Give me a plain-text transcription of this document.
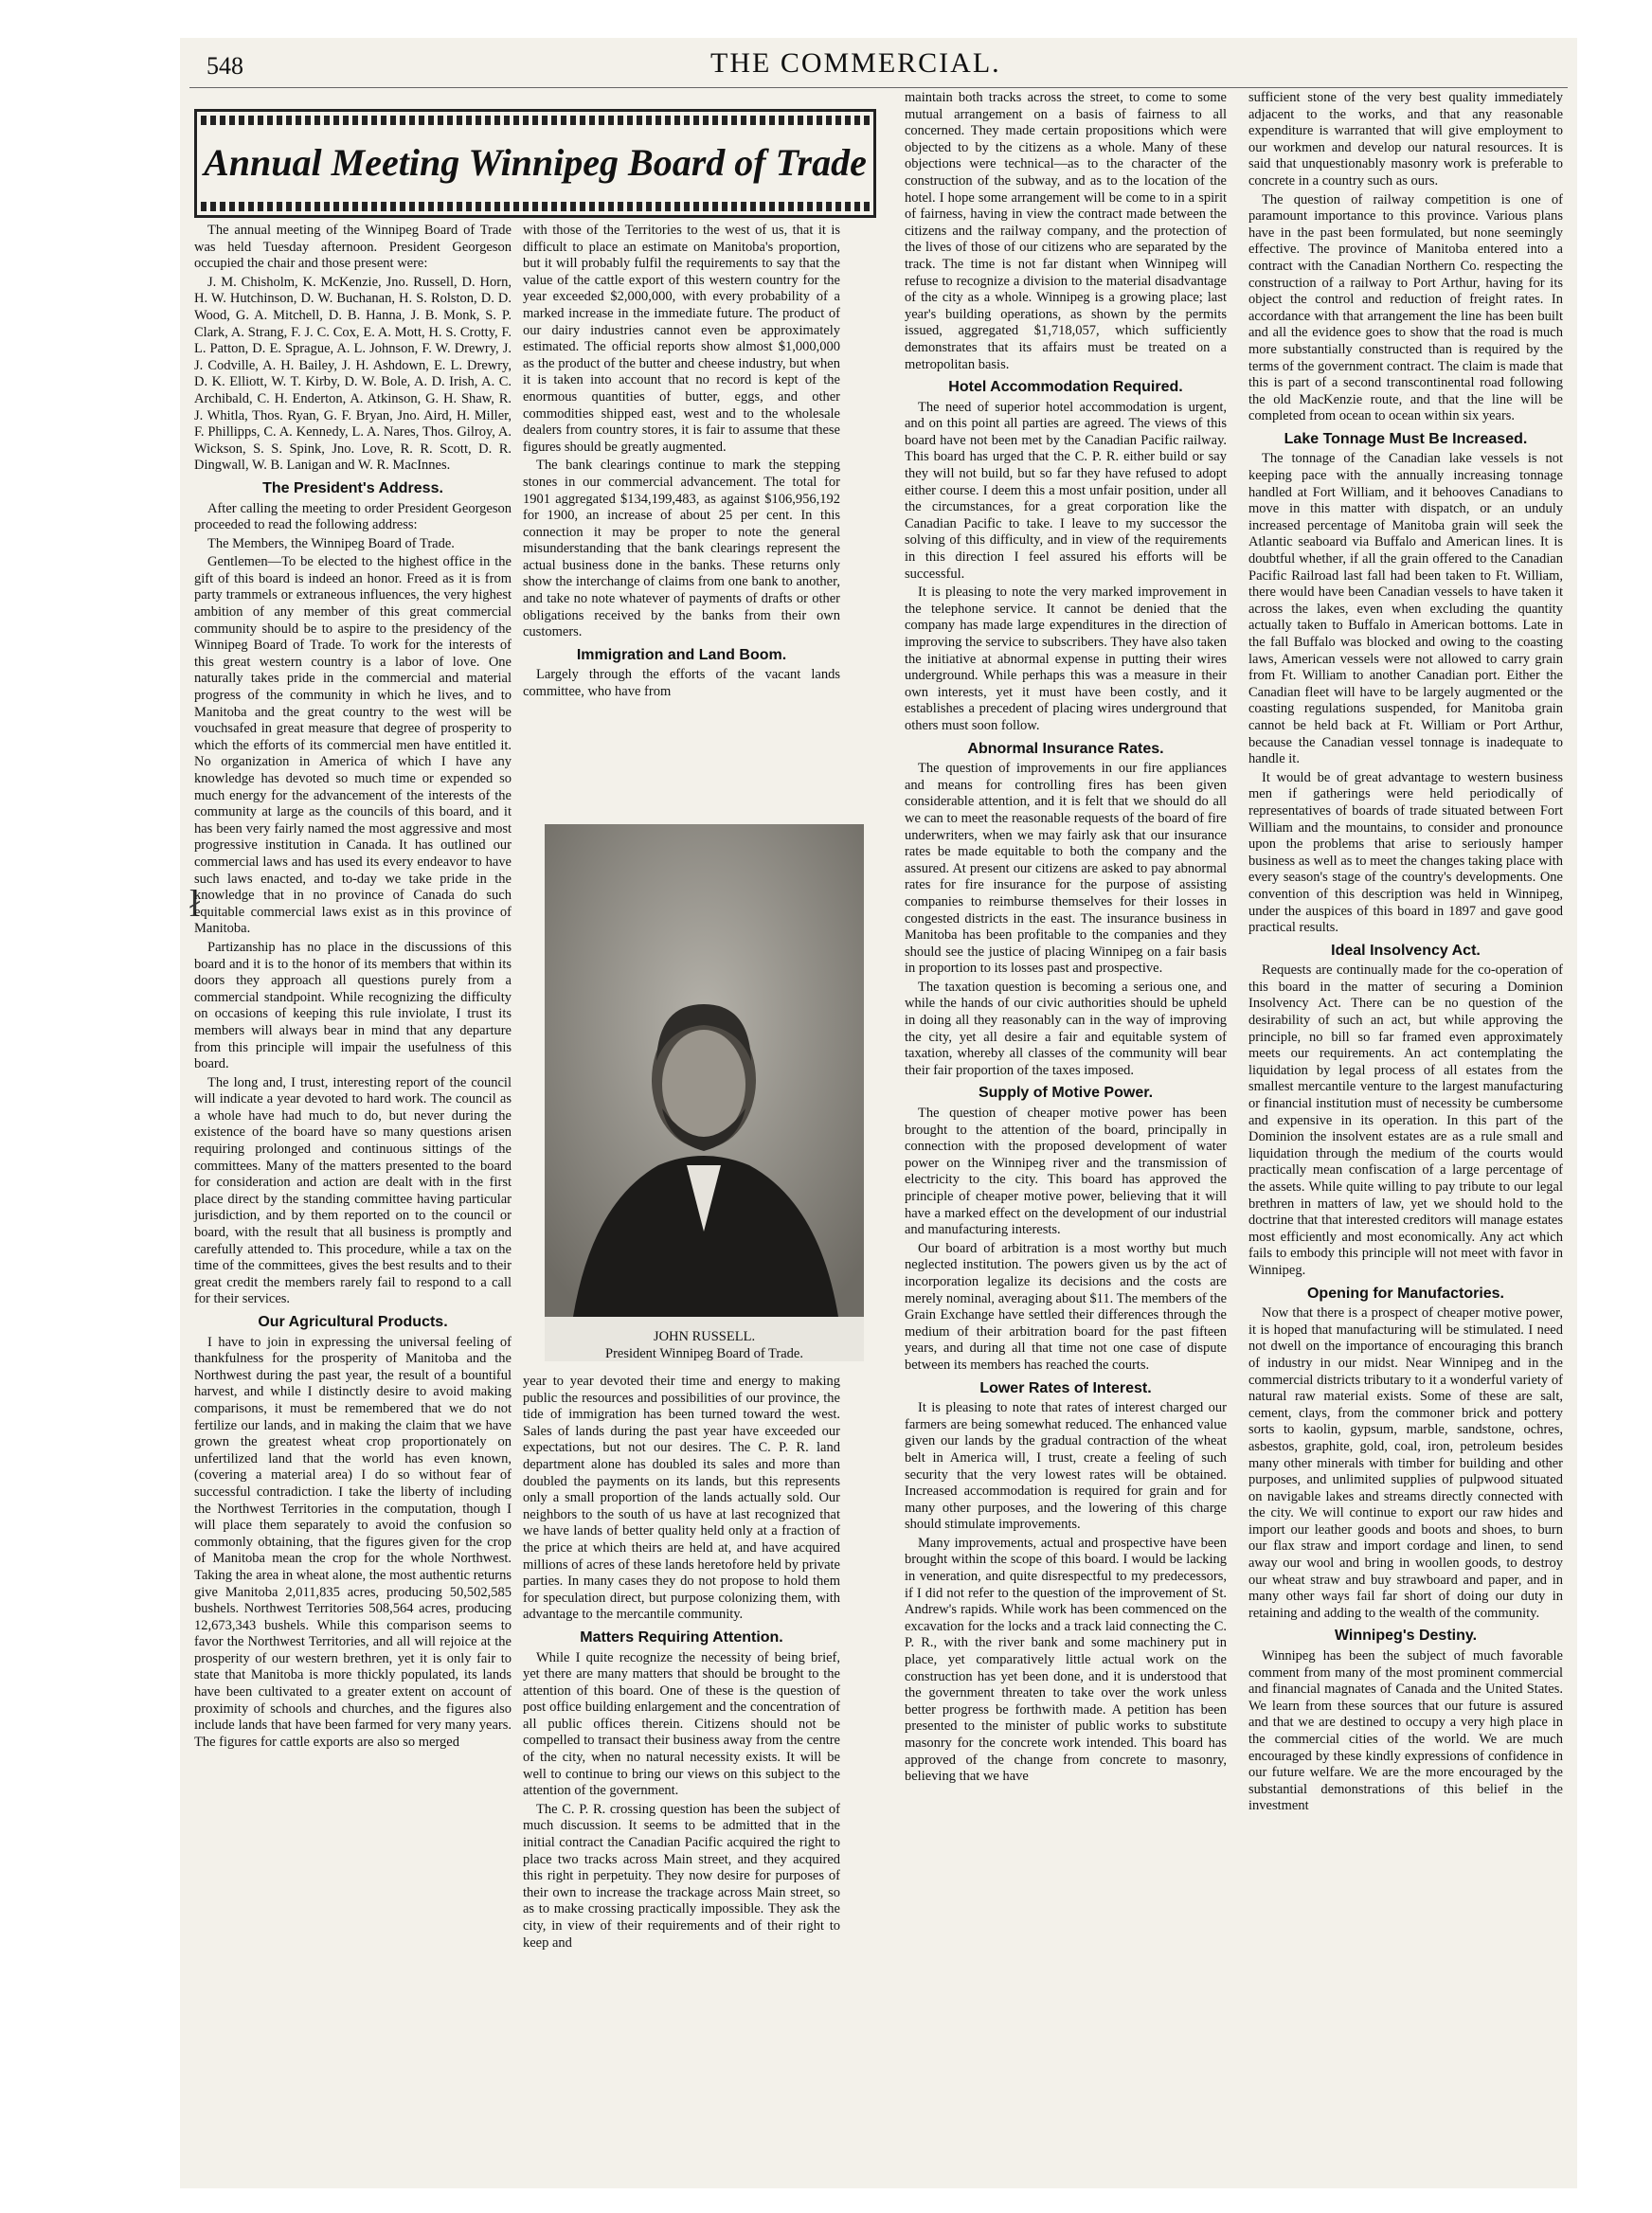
ł
548	THE COMMERCIAL.
Annual Meeting Winnipeg Board of Trade

The annual meeting of the Winnipeg Board of Trade was held Tuesday afternoon. President Georgeson occupied the chair and those present were:

J. M. Chisholm, K. McKenzie, Jno. Russell, D. Horn, H. W. Hutchinson, D. W. Buchanan, H. S. Rolston, D. D. Wood, G. A. Mitchell, D. B. Hanna, J. B. Monk, S. P. Clark, A. Strang, F. J. C. Cox, E. A. Mott, H. S. Crotty, F. L. Patton, D. E. Sprague, A. L. Johnson, F. W. Drewry, J. J. Codville, A. H. Bailey, J. H. Ashdown, E. L. Drewry, D. K. Elliott, W. T. Kirby, D. W. Bole, A. D. Irish, A. C. Archibald, C. H. Enderton, A. Atkinson, G. H. Shaw, R. J. Whitla, Thos. Ryan, G. F. Bryan, Jno. Aird, H. Miller, F. Phillipps, C. A. Kennedy, L. A. Nares, Thos. Gilroy, A. Wickson, S. S. Spink, Jno. Love, R. R. Scott, D. R. Dingwall, W. B. Lanigan and W. R. MacInnes.

The President's Address.

After calling the meeting to order President Georgeson proceeded to read the following address:

The Members, the Winnipeg Board of Trade.

Gentlemen—To be elected to the highest office in the gift of this board is indeed an honor. Freed as it is from party trammels or extraneous influences, the very highest ambition of any member of this great commercial community should be to aspire to the presidency of the Winnipeg Board of Trade. To work for the interests of this great western country is a labor of love. One naturally takes pride in the commercial and material progress of the community in which he lives, and to Manitoba and the great country to the west will be vouchsafed in great measure that degree of prosperity to which the efforts of its commercial men have entitled it. No organization in America of which I have any knowledge has devoted so much time or expended so much energy for the advancement of the interests of the community at large as the councils of this board, and it has been very fairly named the most aggressive and most progressive institution in Canada. It has outlined our commercial laws and has used its every endeavor to have such laws enacted, and to-day we take pride in the knowledge that in no province of Canada do such equitable commercial laws exist as in this province of Manitoba.

Partizanship has no place in the discussions of this board and it is to the honor of its members that within its doors they approach all questions purely from a commercial standpoint. While recognizing the difficulty on occasions of keeping this rule inviolate, I trust its members will always bear in mind that any departure from this principle will impair the usefulness of this board.

The long and, I trust, interesting report of the council will indicate a year devoted to hard work. The council as a whole have had much to do, but never during the existence of the board have so many questions arisen requiring prolonged and continuous sittings of the committees. Many of the matters presented to the board for consideration and action are dealt with in the first place direct by the standing committee having particular jurisdiction, and by them reported on to the council or board, with the result that all business is promptly and carefully attended to. This procedure, while a tax on the time of the committees, gives the best results and to their great credit the members rarely fail to respond to a call for their services.

Our Agricultural Products.

I have to join in expressing the universal feeling of thankfulness for the prosperity of Manitoba and the Northwest during the past year, the result of a bountiful harvest, and while I distinctly desire to avoid making comparisons, it must be remembered that we do not fertilize our lands, and in making the claim that we have grown the greatest wheat crop proportionately on unfertilized land that the world has even known, (covering a material area) I do so without fear of successful contradiction. I take the liberty of including the Northwest Territories in the computation, though I will place them separately to avoid the confusion so commonly obtaining, that the figures given for the crop of Manitoba mean the crop for the whole Northwest. Taking the area in wheat alone, the most authentic returns give Manitoba 2,011,835 acres, producing 50,502,585 bushels. Northwest Territories 508,564 acres, producing 12,673,343 bushels. While this comparison seems to favor the Northwest Territories, and all will rejoice at the prosperity of our western brethren, yet it is only fair to state that Manitoba is more thickly populated, its lands have been cultivated to a greater extent on account of proximity of schools and churches, and the figures also include lands that have been farmed for very many years. The figures for cattle exports are also so merged

with those of the Territories to the west of us, that it is difficult to place an estimate on Manitoba's proportion, but it will probably fulfil the requirements to say that the value of the cattle export of this western country for the year exceeded $2,000,000, with every probability of a marked increase in the immediate future. The product of our dairy industries cannot even be approximately estimated. The official reports show almost $1,000,000 as the product of the butter and cheese industry, but when it is taken into account that no record is kept of the enormous quantities of butter, eggs, and other commodities shipped east, west and to the wholesale dealers from country stores, it is fair to assume that these figures should be greatly augmented.

The bank clearings continue to mark the stepping stones in our commercial advancement. The total for 1901 aggregated $134,199,483, as against $106,956,192 for 1900, an increase of about 25 per cent. In this connection it may be proper to note the general misunderstanding that the bank clearings represent the actual business done in the banks. These returns only show the interchange of claims from one bank to another, and take no note whatever of payments of drafts or other obligations received by the banks from their own customers.

Immigration and Land Boom.

Largely through the efforts of the vacant lands committee, who have from

JOHN RUSSELL.
President Winnipeg Board of Trade.

year to year devoted their time and energy to making public the resources and possibilities of our province, the tide of immigration has been turned toward the west. Sales of lands during the past year have exceeded our expectations, but not our desires. The C. P. R. land department alone has doubled its sales and more than doubled the payments on its lands, but this represents only a small proportion of the lands actually sold. Our neighbors to the south of us have at last recognized that we have lands of better quality held only at a fraction of the price at which theirs are held at, and have acquired millions of acres of these lands heretofore held by private parties. In many cases they do not propose to hold them for speculation direct, but purpose colonizing them, with advantage to the mercantile community.

Matters Requiring Attention.

While I quite recognize the necessity of being brief, yet there are many matters that should be brought to the attention of this board. One of these is the question of post office building enlargement and the concentration of all public offices therein. Citizens should not be compelled to transact their business away from the centre of the city, when no natural necessity exists. It will be well to continue to bring our views on this subject to the attention of the government.

The C. P. R. crossing question has been the subject of much discussion. It seems to be admitted that in the initial contract the Canadian Pacific acquired the right to place two tracks across Main street, and they acquired this right in perpetuity. They now desire for purposes of their own to increase the trackage across Main street, so as to make crossing practically impossible. They ask the city, in view of their requirements and of their right to keep and

maintain both tracks across the street, to come to some mutual arrangement on a basis of fairness to all concerned. They made certain propositions which were objected to by the citizens as a whole. Many of these objections were technical—as to the character of the construction of the subway, and as to the location of the hotel. I hope some arrangement will be come to in a spirit of fairness, having in view the contract made between the citizens and the railway company, and the protection of the lives of those of our citizens who are separated by the track. The time is not far distant when Winnipeg will refuse to recognize a division to the material disadvantage of the city as a whole. Winnipeg is a growing place; last year's building operations, as shown by the permits issued, aggregated $1,718,057, which sufficiently demonstrates that its affairs must be treated on a metropolitan basis.

Hotel Accommodation Required.

The need of superior hotel accommodation is urgent, and on this point all parties are agreed. The views of this board have not been met by the Canadian Pacific railway. This board has urged that the C. P. R. either build or say they will not build, but so far they have refused to adopt either course. I deem this a most unfair position, under all the circumstances, for a great corporation like the Canadian Pacific to take. I leave to my successor the solving of this difficulty, and in view of the requirements in this direction I feel assured his efforts will be successful.

It is pleasing to note the very marked improvement in the telephone service. It cannot be denied that the company has made large expenditures in the direction of improving the service to subscribers. They have also taken the initiative at abnormal expense in putting their wires underground. While perhaps this was a measure in their own interests, yet it must have been costly, and it establishes a precedent of placing wires underground that others must soon follow.

Abnormal Insurance Rates.

The question of improvements in our fire appliances and means for controlling fires has been given considerable attention, and it is felt that we should do all we can to meet the reasonable requests of the board of fire underwriters, when we may fairly ask that our insurance rates be made equitable to both the company and the assured. At present our citizens are asked to pay abnormal rates for fire insurance for the purpose of assisting companies to reimburse themselves for their losses in congested districts in the east. The insurance business in Manitoba has been profitable to the companies and they should see the justice of placing Winnipeg on a fair basis in proportion to its losses past and prospective.

The taxation question is becoming a serious one, and while the hands of our civic authorities should be upheld in doing all they reasonably can in the way of improving the city, yet all desire a fair and equitable system of taxation, whereby all classes of the community will bear their fair proportion of the taxes imposed.

Supply of Motive Power.

The question of cheaper motive power has been brought to the attention of the board, principally in connection with the proposed development of water power on the Winnipeg river and the transmission of electricity to the city. This board has approved the principle of cheaper motive power, believing that it will have a marked effect on the development of our industrial and manufacturing interests.

Our board of arbitration is a most worthy but much neglected institution. The powers given us by the act of incorporation legalize its decisions and the costs are merely nominal, averaging about $11. The members of the Grain Exchange have settled their differences through the medium of their arbitration board for the past fifteen years, and during all that time not one case of dispute between its members has reached the courts.

Lower Rates of Interest.

It is pleasing to note that rates of interest charged our farmers are being somewhat reduced. The enhanced value given our lands by the gradual contraction of the wheat belt in America will, I trust, create a feeling of such security that the very lowest rates will be obtained. Increased accommodation is required for grain and for many other purposes, and the lowering of this charge should stimulate improvements.

Many improvements, actual and prospective have been brought within the scope of this board. I would be lacking in veneration, and quite disrespectful to my predecessors, if I did not refer to the question of the improvement of St. Andrew's rapids. While work has been commenced on the excavation for the locks and a track laid connecting the C. P. R., with the river bank and some machinery put in place, yet comparatively little actual work on the construction has yet been done, and it is understood that the government threaten to take over the work unless better progress be forthwith made. A petition has been presented to the minister of public works to substitute masonry for the concrete work intended. This board has approved of the change from concrete to masonry, believing that we have

sufficient stone of the very best quality immediately adjacent to the works, and that any reasonable expenditure is warranted that will give employment to our workmen and develop our natural resources. It is said that unquestionably masonry work is preferable to concrete in a country such as ours.

The question of railway competition is one of paramount importance to this province. Various plans have in the past been formulated, but none seemingly effective. The province of Manitoba entered into a contract with the Canadian Northern Co. respecting the construction of a railway to Port Arthur, having for its object the control and reduction of freight rates. In accordance with that arrangement the line has been built and all the evidence goes to show that the road is much more substantially constructed than is required by the terms of the government contract. The claim is made that this is part of a second transcontinental road following the old MacKenzie route, and that the line will be completed from ocean to ocean within six years.

Lake Tonnage Must Be Increased.

The tonnage of the Canadian lake vessels is not keeping pace with the annually increasing tonnage handled at Fort William, and it behooves Canadians to move in this matter with dispatch, or an unduly increased percentage of Manitoba grain will seek the Atlantic seaboard via Buffalo and American lines. It is doubtful whether, if all the grain offered to the Canadian Pacific Railroad last fall had been taken to Ft. William, there would have been Canadian vessels to have taken it across the lakes, even when excluding the quantity actually taken to Buffalo in American bottoms. Late in the fall Buffalo was blocked and owing to the coasting laws, American vessels were not allowed to carry grain from Ft. William to another Canadian port. Either the Canadian fleet will have to be largely augmented or the coasting regulations suspended, for Manitoba grain cannot be held back at Ft. William or Port Arthur, because the Canadian vessel tonnage is inadequate to handle it.

It would be of great advantage to western business men if gatherings were held periodically of representatives of boards of trade situated between Fort William and the mountains, to consider and pronounce upon the problems that arise to seriously hamper business as well as to meet the changes taking place with every season's stage of the country's developments. One convention of this description was held in Winnipeg, under the auspices of this board in 1897 and gave good practical results.

Ideal Insolvency Act.

Requests are continually made for the co-operation of this board in the matter of securing a Dominion Insolvency Act. There can be no question of the desirability of such an act, but while approving the principle, no bill so far framed even approximately meets our requirements. An act contemplating the liquidation by legal process of all estates from the smallest mercantile venture to the largest manufacturing or financial institution must of necessity be cumbersome and expensive in its operation. In this part of the Dominion the insolvent estates are as a rule small and liquidation through the medium of the courts would practically mean confiscation of a large percentage of the assets. While quite willing to pay tribute to our legal brethren in matters of law, yet we should hold to the doctrine that that interested creditors will manage estates most efficiently and most economically. Any act which fails to embody this principle will not meet with favor in Winnipeg.

Opening for Manufactories.

Now that there is a prospect of cheaper motive power, it is hoped that manufacturing will be stimulated. I need not dwell on the importance of encouraging this branch of industry in our midst. Near Winnipeg and in the commercial districts tributary to it a wonderful variety of natural raw material exists. Some of these are salt, cement, clays, from the commoner brick and pottery sorts to kaolin, gypsum, marble, sandstone, ochres, asbestos, graphite, gold, coal, iron, petroleum besides many other minerals with timber for building and other purposes, and unlimited supplies of pulpwood situated on navigable lakes and streams directly connected with the city. We will continue to export our raw hides and import our leather goods and boots and shoes, to burn our flax straw and import cordage and linen, to send away our wool and bring in woollen goods, to destroy our wheat straw and buy strawboard and paper, and in many other ways fail far short of doing our duty in retaining and adding to the wealth of the community.

Winnipeg's Destiny.

Winnipeg has been the subject of much favorable comment from many of the most prominent commercial and financial magnates of Canada and the United States. We learn from these sources that our future is assured and that we are destined to occupy a very high place in the commercial cities of the world. We are much encouraged by these kindly expressions of confidence in our future welfare. We are the more encouraged by the substantial demonstrations of this belief in the investment
